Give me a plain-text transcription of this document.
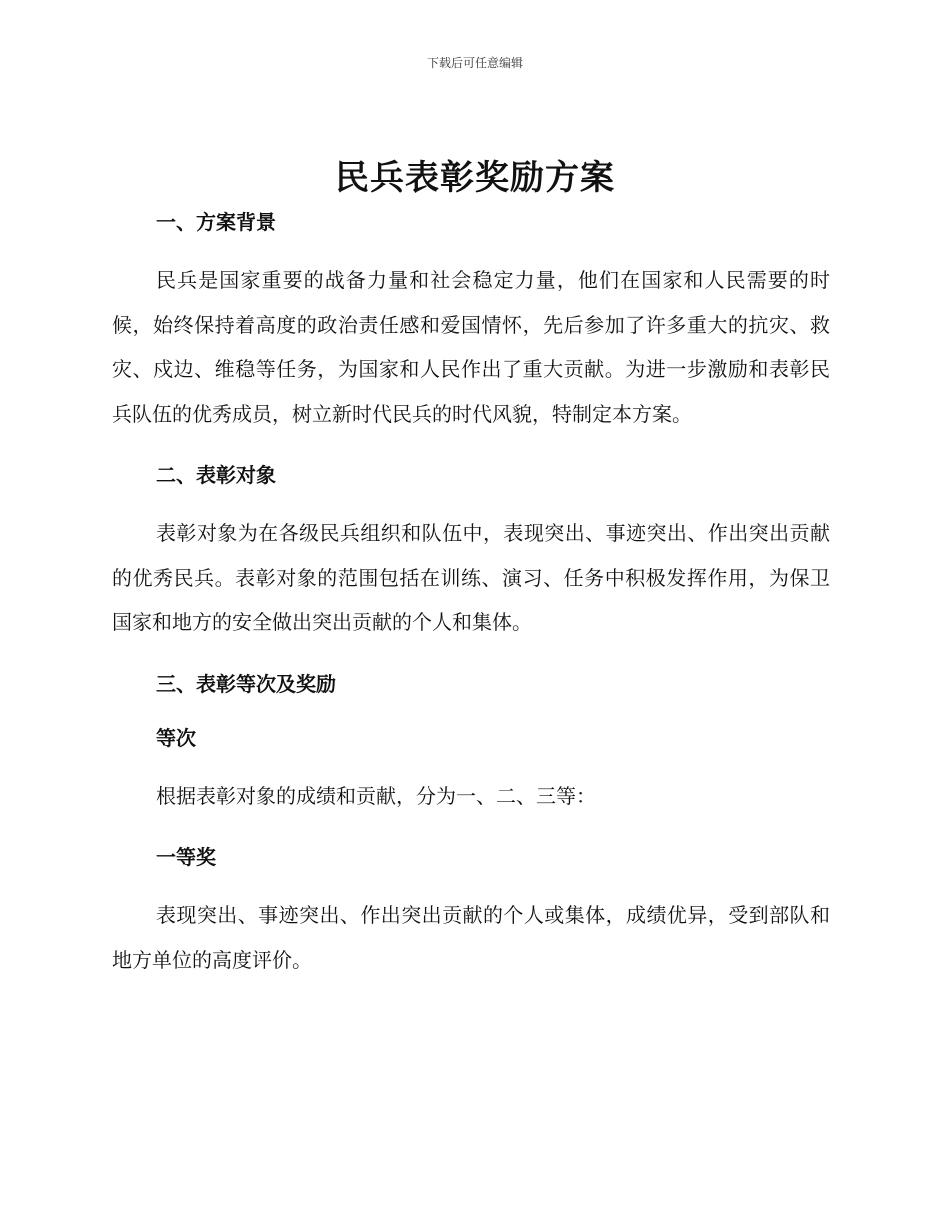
下载后可任意编辑
民兵表彰奖励方案
一、方案背景

民兵是国家重要的战备力量和社会稳定力量，他们在国家和人民需要的时候，始终保持着高度的政治责任感和爱国情怀，先后参加了许多重大的抗灾、救灾、戍边、维稳等任务，为国家和人民作出了重大贡献。为进一步激励和表彰民兵队伍的优秀成员，树立新时代民兵的时代风貌，特制定本方案。

二、表彰对象

表彰对象为在各级民兵组织和队伍中，表现突出、事迹突出、作出突出贡献的优秀民兵。表彰对象的范围包括在训练、演习、任务中积极发挥作用，为保卫国家和地方的安全做出突出贡献的个人和集体。

三、表彰等次及奖励
等次

根据表彰对象的成绩和贡献，分为一、二、三等：

一等奖

表现突出、事迹突出、作出突出贡献的个人或集体，成绩优异，受到部队和地方单位的高度评价。
